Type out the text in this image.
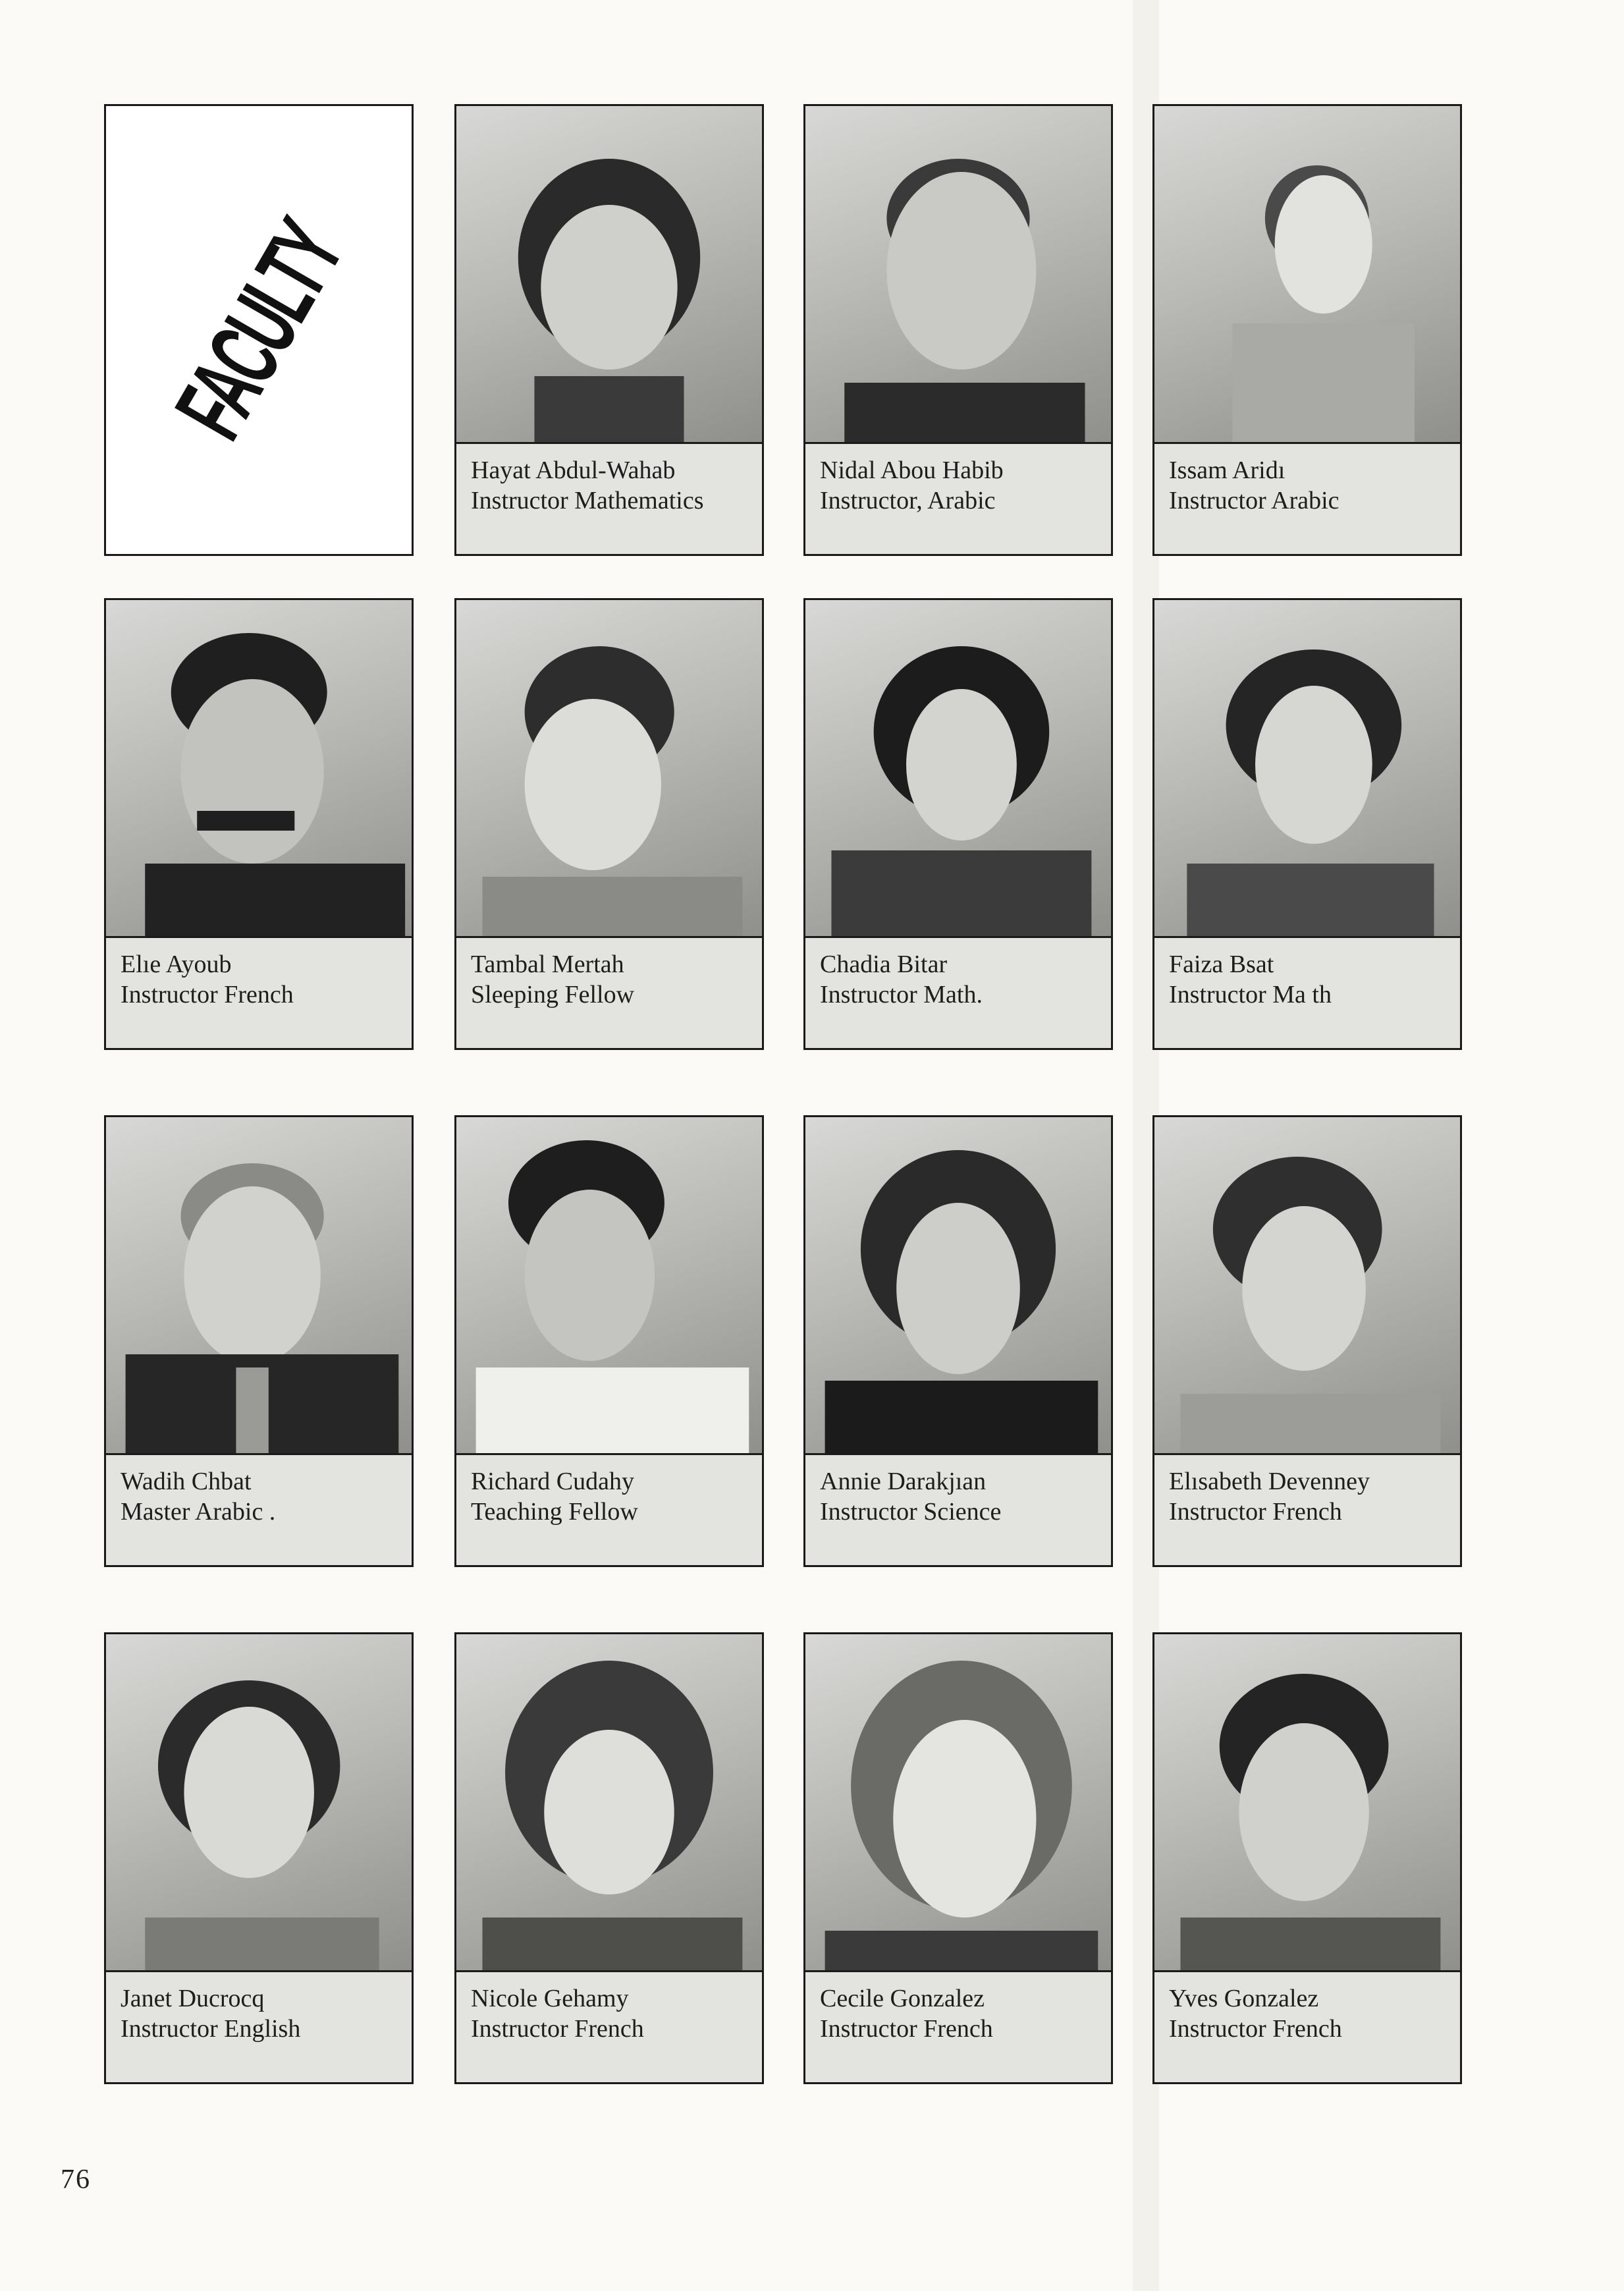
FACULTY
Hayat Abdul-Wahab
Instructor Mathematics
Nidal Abou Habib
Instructor, Arabic
Issam Aridı
Instructor Arabic
Elıe Ayoub
Instructor French
Tambal Mertah
Sleeping Fellow
Chadia Bitar
Instructor Math.
Faiza Bsat
Instructor Ma th
Wadih Chbat
Master Arabic .
Richard Cudahy
Teaching Fellow
Annie Darakjıan
Instructor Science
Elısabeth Devenney
Instructor French
Janet Ducrocq
Instructor English
Nicole Gehamy
Instructor French
Cecile Gonzalez
Instructor French
Yves Gonzalez
Instructor French
76
